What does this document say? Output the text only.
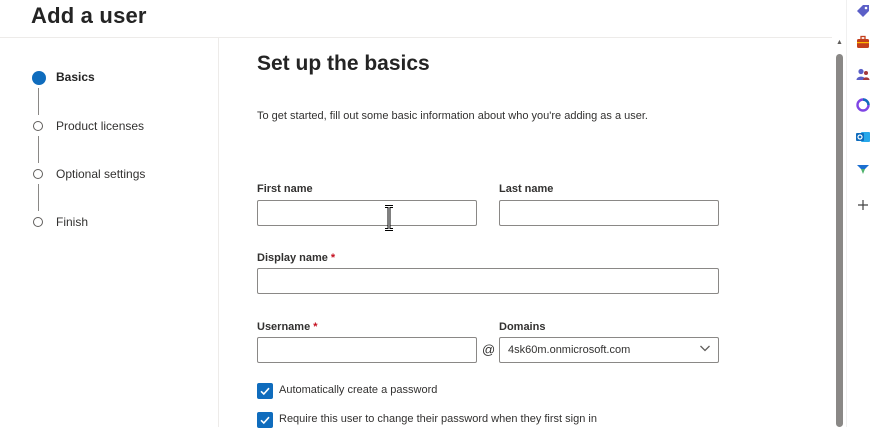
Add a user
Basics
Product licenses
Optional settings
Finish
Set up the basics
To get started, fill out some basic information about who you're adding as a user.
First name	Last name
Display name *
Username *
@
Domains
4sk60m.onmicrosoft.com
Automatically create a password
Require this user to change their password when they first sign in
▲
